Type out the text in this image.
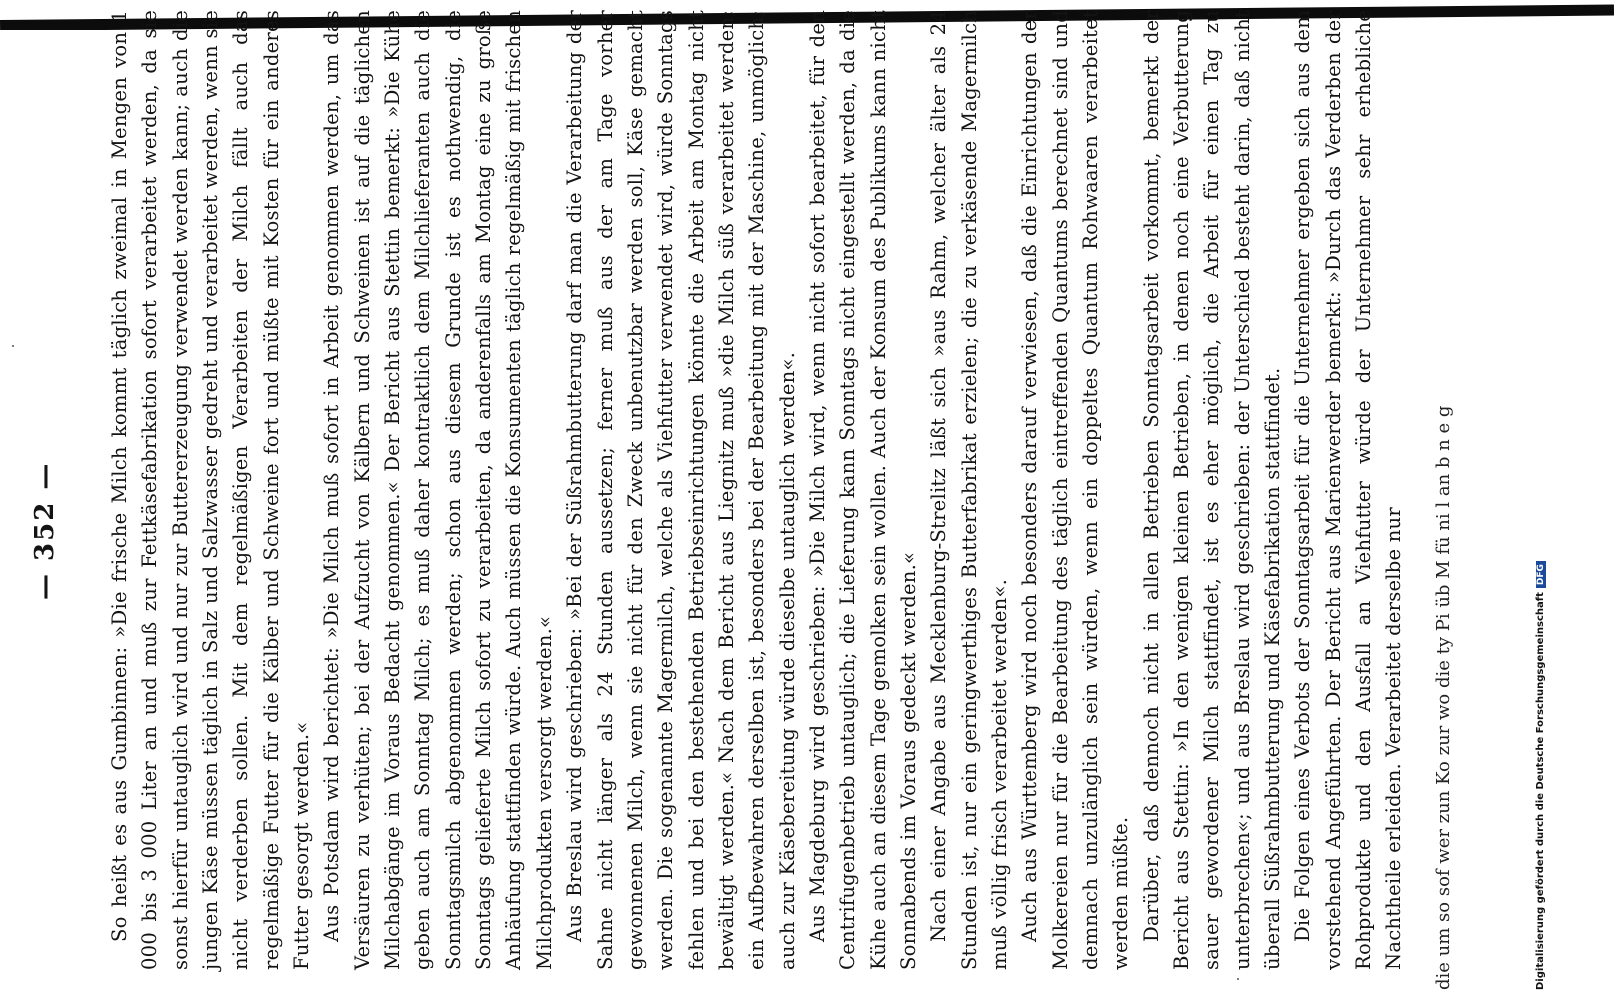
— 352 — So heißt es aus Gumbinnen: »Die frische Milch kommt täglich zweimal in Mengen von 1 000 bis 3 000 Liter an und muß zur Fettkäsefabrikation sofort verarbeitet werden, da sie sonst hierfür untauglich wird und nur zur Buttererzeugung verwendet werden kann; auch die jungen Käse müssen täglich in Salz und Salzwasser gedreht und verarbeitet werden, wenn sie nicht verderben sollen. Mit dem regelmäßigen Verarbeiten der Milch fällt auch das regelmäßige Futter für die Kälber und Schweine fort und müßte mit Kosten für ein anderes Futter gesorgt werden.« Aus Potsdam wird berichtet: »Die Milch muß sofort in Arbeit genommen werden, um das Versäuren zu verhüten; bei der Aufzucht von Kälbern und Schweinen ist auf die täglichen Milchabgänge im Voraus Bedacht genommen.« Der Bericht aus Stettin bemerkt: »Die Kühe geben auch am Sonntag Milch; es muß daher kontraktlich dem Milchlieferanten auch die Sonntagsmilch abgenommen werden; schon aus diesem Grunde ist es nothwendig, die Sonntags gelieferte Milch sofort zu verarbeiten, da anderenfalls am Montag eine zu große Anhäufung stattfinden würde. Auch müssen die Konsumenten täglich regelmäßig mit frischen Milchprodukten versorgt werden.« Aus Breslau wird geschrieben: »Bei der Süßrahmbutterung darf man die Verarbeitung der Sahne nicht länger als 24 Stunden aussetzen; ferner muß aus der am Tage vorher gewonnenen Milch, wenn sie nicht für den Zweck unbenutzbar werden soll, Käse gemacht werden. Die sogenannte Magermilch, welche als Viehfutter verwendet wird, würde Sonntags fehlen und bei den bestehenden Betriebseinrichtungen könnte die Arbeit am Montag nicht bewältigt werden.« Nach dem Bericht aus Liegnitz muß »die Milch süß verarbeitet werden; ein Aufbewahren derselben ist, besonders bei der Bearbeitung mit der Maschine, unmöglich; auch zur Käsebereitung würde dieselbe untauglich werden«. Aus Magdeburg wird geschrieben: »Die Milch wird, wenn nicht sofort bearbeitet, für den Centrifugenbetrieb untauglich; die Lieferung kann Sonntags nicht eingestellt werden, da die Kühe auch an diesem Tage gemolken sein wollen. Auch der Konsum des Publikums kann nicht Sonnabends im Voraus gedeckt werden.« Nach einer Angabe aus Mecklenburg-Strelitz läßt sich »aus Rahm, welcher älter als 24 Stunden ist, nur ein geringwerthiges Butterfabrikat erzielen; die zu verkäsende Magermilch muß völlig frisch verarbeitet werden«. Auch aus Württemberg wird noch besonders darauf verwiesen, daß die Einrichtungen der Molkereien nur für die Bearbeitung des täglich eintreffenden Quantums berechnet sind und demnach unzulänglich sein würden, wenn ein doppeltes Quantum Rohwaaren verarbeitet werden müßte. Darüber, daß dennoch nicht in allen Betrieben Sonntagsarbeit vorkommt, bemerkt der Bericht aus Stettin: »In den wenigen kleinen Betrieben, in denen noch eine Verbutterung sauer gewordener Milch stattfindet, ist es eher möglich, die Arbeit für einen Tag zu unterbrechen«; und aus Breslau wird geschrieben: der Unterschied besteht darin, daß nicht überall Süßrahmbutterung und Käsefabrikation stattfindet. Die Folgen eines Verbots der Sonntagsarbeit für die Unternehmer ergeben sich aus dem vorstehend Angeführten. Der Bericht aus Marienwerder bemerkt: »Durch das Verderben der Rohprodukte und den Ausfall an Viehfutter würde der Unternehmer sehr erhebliche Nachtheile erleiden. Verarbeitet derselbe nur die um so sof wer zun Ko zur wo die ty Pi üb M fü ni l an b n e g	Digitalisierung gefördert durch die Deutsche ForschungsgemeinschaftDFG
